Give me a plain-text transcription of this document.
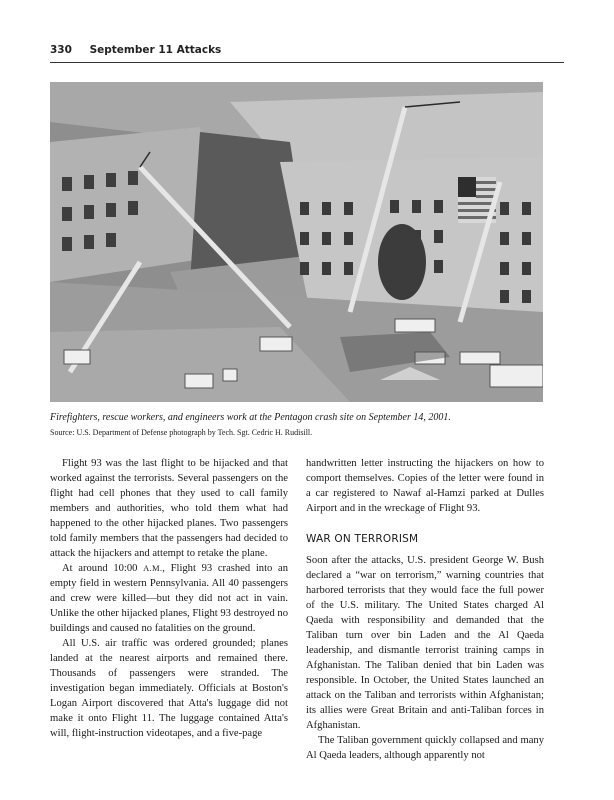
330 September 11 Attacks
Firefighters, rescue workers, and engineers work at the Pentagon crash site on September 14, 2001.
Source: U.S. Department of Defense photograph by Tech. Sgt. Cedric H. Rudisill.

Flight 93 was the last flight to be hijacked and that worked against the terrorists. Several passengers on the flight had cell phones that they used to call family members and authorities, who told them what had happened to the other hijacked planes. Two passengers told family members that the passengers had decided to attack the hijackers and attempt to retake the plane.

At around 10:00 A.M., Flight 93 crashed into an empty field in western Pennsylvania. All 40 passengers and crew were killed—but they did not act in vain. Unlike the other hijacked planes, Flight 93 destroyed no buildings and caused no fatalities on the ground.

All U.S. air traffic was ordered grounded; planes landed at the nearest airports and remained there. Thousands of passengers were stranded. The investigation began immediately. Officials at Boston's Logan Airport discovered that Atta's luggage did not make it onto Flight 11. The luggage contained Atta's will, flight-instruction videotapes, and a five-page

handwritten letter instructing the hijackers on how to comport themselves. Copies of the letter were found in a car registered to Nawaf al-Hamzi parked at Dulles Airport and in the wreckage of Flight 93.

WAR ON TERRORISM

Soon after the attacks, U.S. president George W. Bush declared a “war on terrorism,” warning countries that harbored terrorists that they would face the full power of the U.S. military. The United States charged Al Qaeda with responsibility and demanded that the Taliban turn over bin Laden and the Al Qaeda leadership, and dismantle terrorist training camps in Afghanistan. The Taliban denied that bin Laden was responsible. In October, the United States launched an attack on the Taliban and terrorists within Afghanistan; its allies were Great Britain and anti-Taliban forces in Afghanistan.

The Taliban government quickly collapsed and many Al Qaeda leaders, although apparently not
